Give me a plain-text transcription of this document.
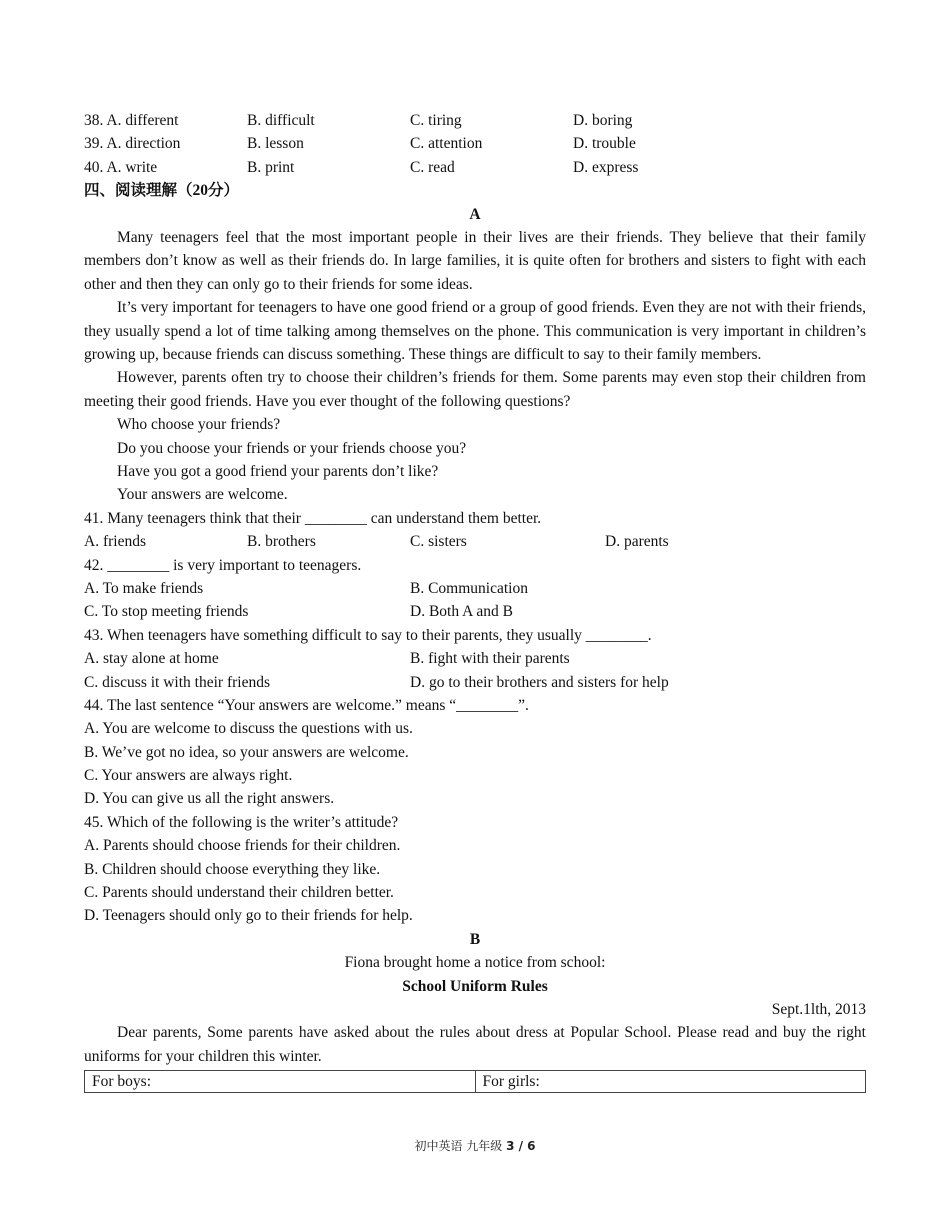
38. A. different	B. difficult	C. tiring	D. boring
39. A. direction	B. lesson	C. attention	D. trouble
40. A. write	B. print	C. read	D. express
四、阅读理解（20分）
A
Many teenagers feel that the most important people in their lives are their friends. They believe that their family members don’t know as well as their friends do. In large families, it is quite often for brothers and sisters to fight with each other and then they can only go to their friends for some ideas.
It’s very important for teenagers to have one good friend or a group of good friends. Even they are not with their friends, they usually spend a lot of time talking among themselves on the phone. This communication is very important in children’s growing up, because friends can discuss something. These things are difficult to say to their family members.
However, parents often try to choose their children’s friends for them. Some parents may even stop their children from meeting their good friends. Have you ever thought of the following questions?
Who choose your friends?
Do you choose your friends or your friends choose you?
Have you got a good friend your parents don’t like?
Your answers are welcome.
41. Many teenagers think that their ________ can understand them better.
A. friends	B. brothers	C. sisters	D. parents
42. ________ is very important to teenagers.
A. To make friends	B. Communication
C. To stop meeting friends	D. Both A and B
43. When teenagers have something difficult to say to their parents, they usually ________.
A. stay alone at home	B. fight with their parents
C. discuss it with their friends	D. go to their brothers and sisters for help
44. The last sentence “Your answers are welcome.” means “________”.
A. You are welcome to discuss the questions with us.
B. We’ve got no idea, so your answers are welcome.
C. Your answers are always right.
D. You can give us all the right answers.
45. Which of the following is the writer’s attitude?
A. Parents should choose friends for their children.
B. Children should choose everything they like.
C. Parents should understand their children better.
D. Teenagers should only go to their friends for help.
B
Fiona brought home a notice from school:
School Uniform Rules
Sept.1lth, 2013
Dear parents, Some parents have asked about the rules about dress at Popular School. Please read and buy the right uniforms for your children this winter.
For boys:	For girls:
初中英语 九年级 3 / 6
